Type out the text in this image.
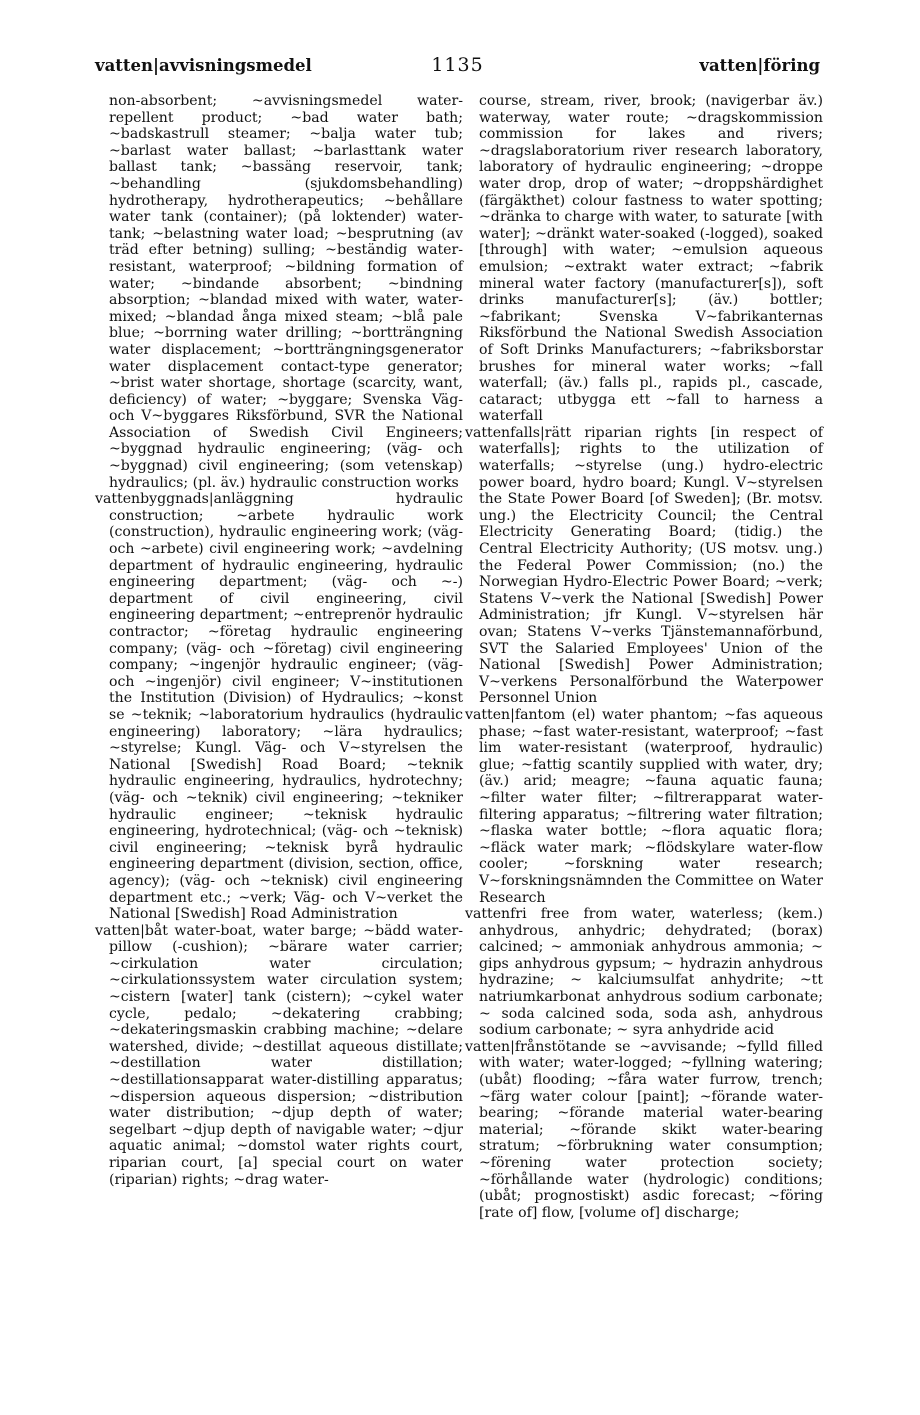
vatten|avvisningsmedel	1135	vatten|föring

non-absorbent; ~avvisningsmedel water-repellent product; ~bad water bath; ~badskastrull steamer; ~balja water tub; ~barlast water ballast; ~barlasttank water ballast tank; ~bassäng reservoir, tank; ~behandling (sjukdomsbehandling) hydrotherapy, hydrotherapeutics; ~behållare water tank (container); (på loktender) water-tank; ~belastning water load; ~besprutning (av träd efter betning) sulling; ~beständig water-resistant, waterproof; ~bildning formation of water; ~bindande absorbent; ~bindning absorption; ~blandad mixed with water, water-mixed; ~blandad ånga mixed steam; ~blå pale blue; ~borrning water drilling; ~bortträngning water displacement; ~bortträngningsgenerator water displacement contact-type generator; ~brist water shortage, shortage (scarcity, want, deficiency) of water; ~byggare; Svenska Väg- och V~byggares Riksförbund, SVR the National Association of Swedish Civil Engineers; ~byggnad hydraulic engineering; (väg- och ~byggnad) civil engineering; (som vetenskap) hydraulics; (pl. äv.) hydraulic construction works

vattenbyggnads|anläggning hydraulic construction; ~arbete hydraulic work (construction), hydraulic engineering work; (väg- och ~arbete) civil engineering work; ~avdelning department of hydraulic engineering, hydraulic engineering department; (väg- och ~-) department of civil engineering, civil engineering department; ~entreprenör hydraulic contractor; ~företag hydraulic engineering company; (väg- och ~företag) civil engineering company; ~ingenjör hydraulic engineer; (väg- och ~ingenjör) civil engineer; V~institutionen the Institution (Division) of Hydraulics; ~konst se ~teknik; ~laboratorium hydraulics (hydraulic engineering) laboratory; ~lära hydraulics; ~styrelse; Kungl. Väg- och V~styrelsen the National [Swedish] Road Board; ~teknik hydraulic engineering, hydraulics, hydrotechny; (väg- och ~teknik) civil engineering; ~tekniker hydraulic engineer; ~teknisk hydraulic engineering, hydrotechnical; (väg- och ~teknisk) civil engineering; ~teknisk byrå hydraulic engineering department (division, section, office, agency); (väg- och ~teknisk) civil engineering department etc.; ~verk; Väg- och V~verket the National [Swedish] Road Administration

vatten|båt water-boat, water barge; ~bädd water-pillow (-cushion); ~bärare water carrier; ~cirkulation water circulation; ~cirkulationssystem water circulation system; ~cistern [water] tank (cistern); ~cykel water cycle, pedalo; ~dekatering crabbing; ~dekateringsmaskin crabbing machine; ~delare watershed, divide; ~destillat aqueous distillate; ~destillation water distillation; ~destillationsapparat water-distilling apparatus; ~dispersion aqueous dispersion; ~distribution water distribution; ~djup depth of water; segelbart ~djup depth of navigable water; ~djur aquatic animal; ~domstol water rights court, riparian court, [a] special court on water (riparian) rights; ~drag water-

course, stream, river, brook; (navigerbar äv.) waterway, water route; ~dragskommission commission for lakes and rivers; ~dragslaboratorium river research laboratory, laboratory of hydraulic engineering; ~droppe water drop, drop of water; ~droppshärdighet (färgäkthet) colour fastness to water spotting; ~dränka to charge with water, to saturate [with water]; ~dränkt water-soaked (-logged), soaked [through] with water; ~emulsion aqueous emulsion; ~extrakt water extract; ~fabrik mineral water factory (manufacturer[s]), soft drinks manufacturer[s]; (äv.) bottler; ~fabrikant; Svenska V~fabrikanternas Riksförbund the National Swedish Association of Soft Drinks Manufacturers; ~fabriksborstar brushes for mineral water works; ~fall waterfall; (äv.) falls pl., rapids pl., cascade, cataract; utbygga ett ~fall to harness a waterfall

vattenfalls|rätt riparian rights [in respect of waterfalls]; rights to the utilization of waterfalls; ~styrelse (ung.) hydro-electric power board, hydro board; Kungl. V~styrelsen the State Power Board [of Sweden]; (Br. motsv. ung.) the Electricity Council; the Central Electricity Generating Board; (tidig.) the Central Electricity Authority; (US motsv. ung.) the Federal Power Commission; (no.) the Norwegian Hydro-Electric Power Board; ~verk; Statens V~verk the National [Swedish] Power Administration; jfr Kungl. V~styrelsen här ovan; Statens V~verks Tjänstemannaförbund, SVT the Salaried Employees' Union of the National [Swedish] Power Administration; V~verkens Personalförbund the Waterpower Personnel Union

vatten|fantom (el) water phantom; ~fas aqueous phase; ~fast water-resistant, waterproof; ~fast lim water-resistant (waterproof, hydraulic) glue; ~fattig scantily supplied with water, dry; (äv.) arid; meagre; ~fauna aquatic fauna; ~filter water filter; ~filtrerapparat water-filtering apparatus; ~filtrering water filtration; ~flaska water bottle; ~flora aquatic flora; ~fläck water mark; ~flödskylare water-flow cooler; ~forskning water research; V~forskningsnämnden the Committee on Water Research

vattenfri free from water, waterless; (kem.) anhydrous, anhydric; dehydrated; (borax) calcined; ~ ammoniak anhydrous ammonia; ~ gips anhydrous gypsum; ~ hydrazin anhydrous hydrazine; ~ kalciumsulfat anhydrite; ~tt natriumkarbonat anhydrous sodium carbonate; ~ soda calcined soda, soda ash, anhydrous sodium carbonate; ~ syra anhydride acid

vatten|frånstötande se ~avvisande; ~fylld filled with water; water-logged; ~fyllning watering; (ubåt) flooding; ~fåra water furrow, trench; ~färg water colour [paint]; ~förande water-bearing; ~förande material water-bearing material; ~förande skikt water-bearing stratum; ~förbrukning water consumption; ~förening water protection society; ~förhållande water (hydrologic) conditions; (ubåt; prognostiskt) asdic forecast; ~föring [rate of] flow, [volume of] discharge;
